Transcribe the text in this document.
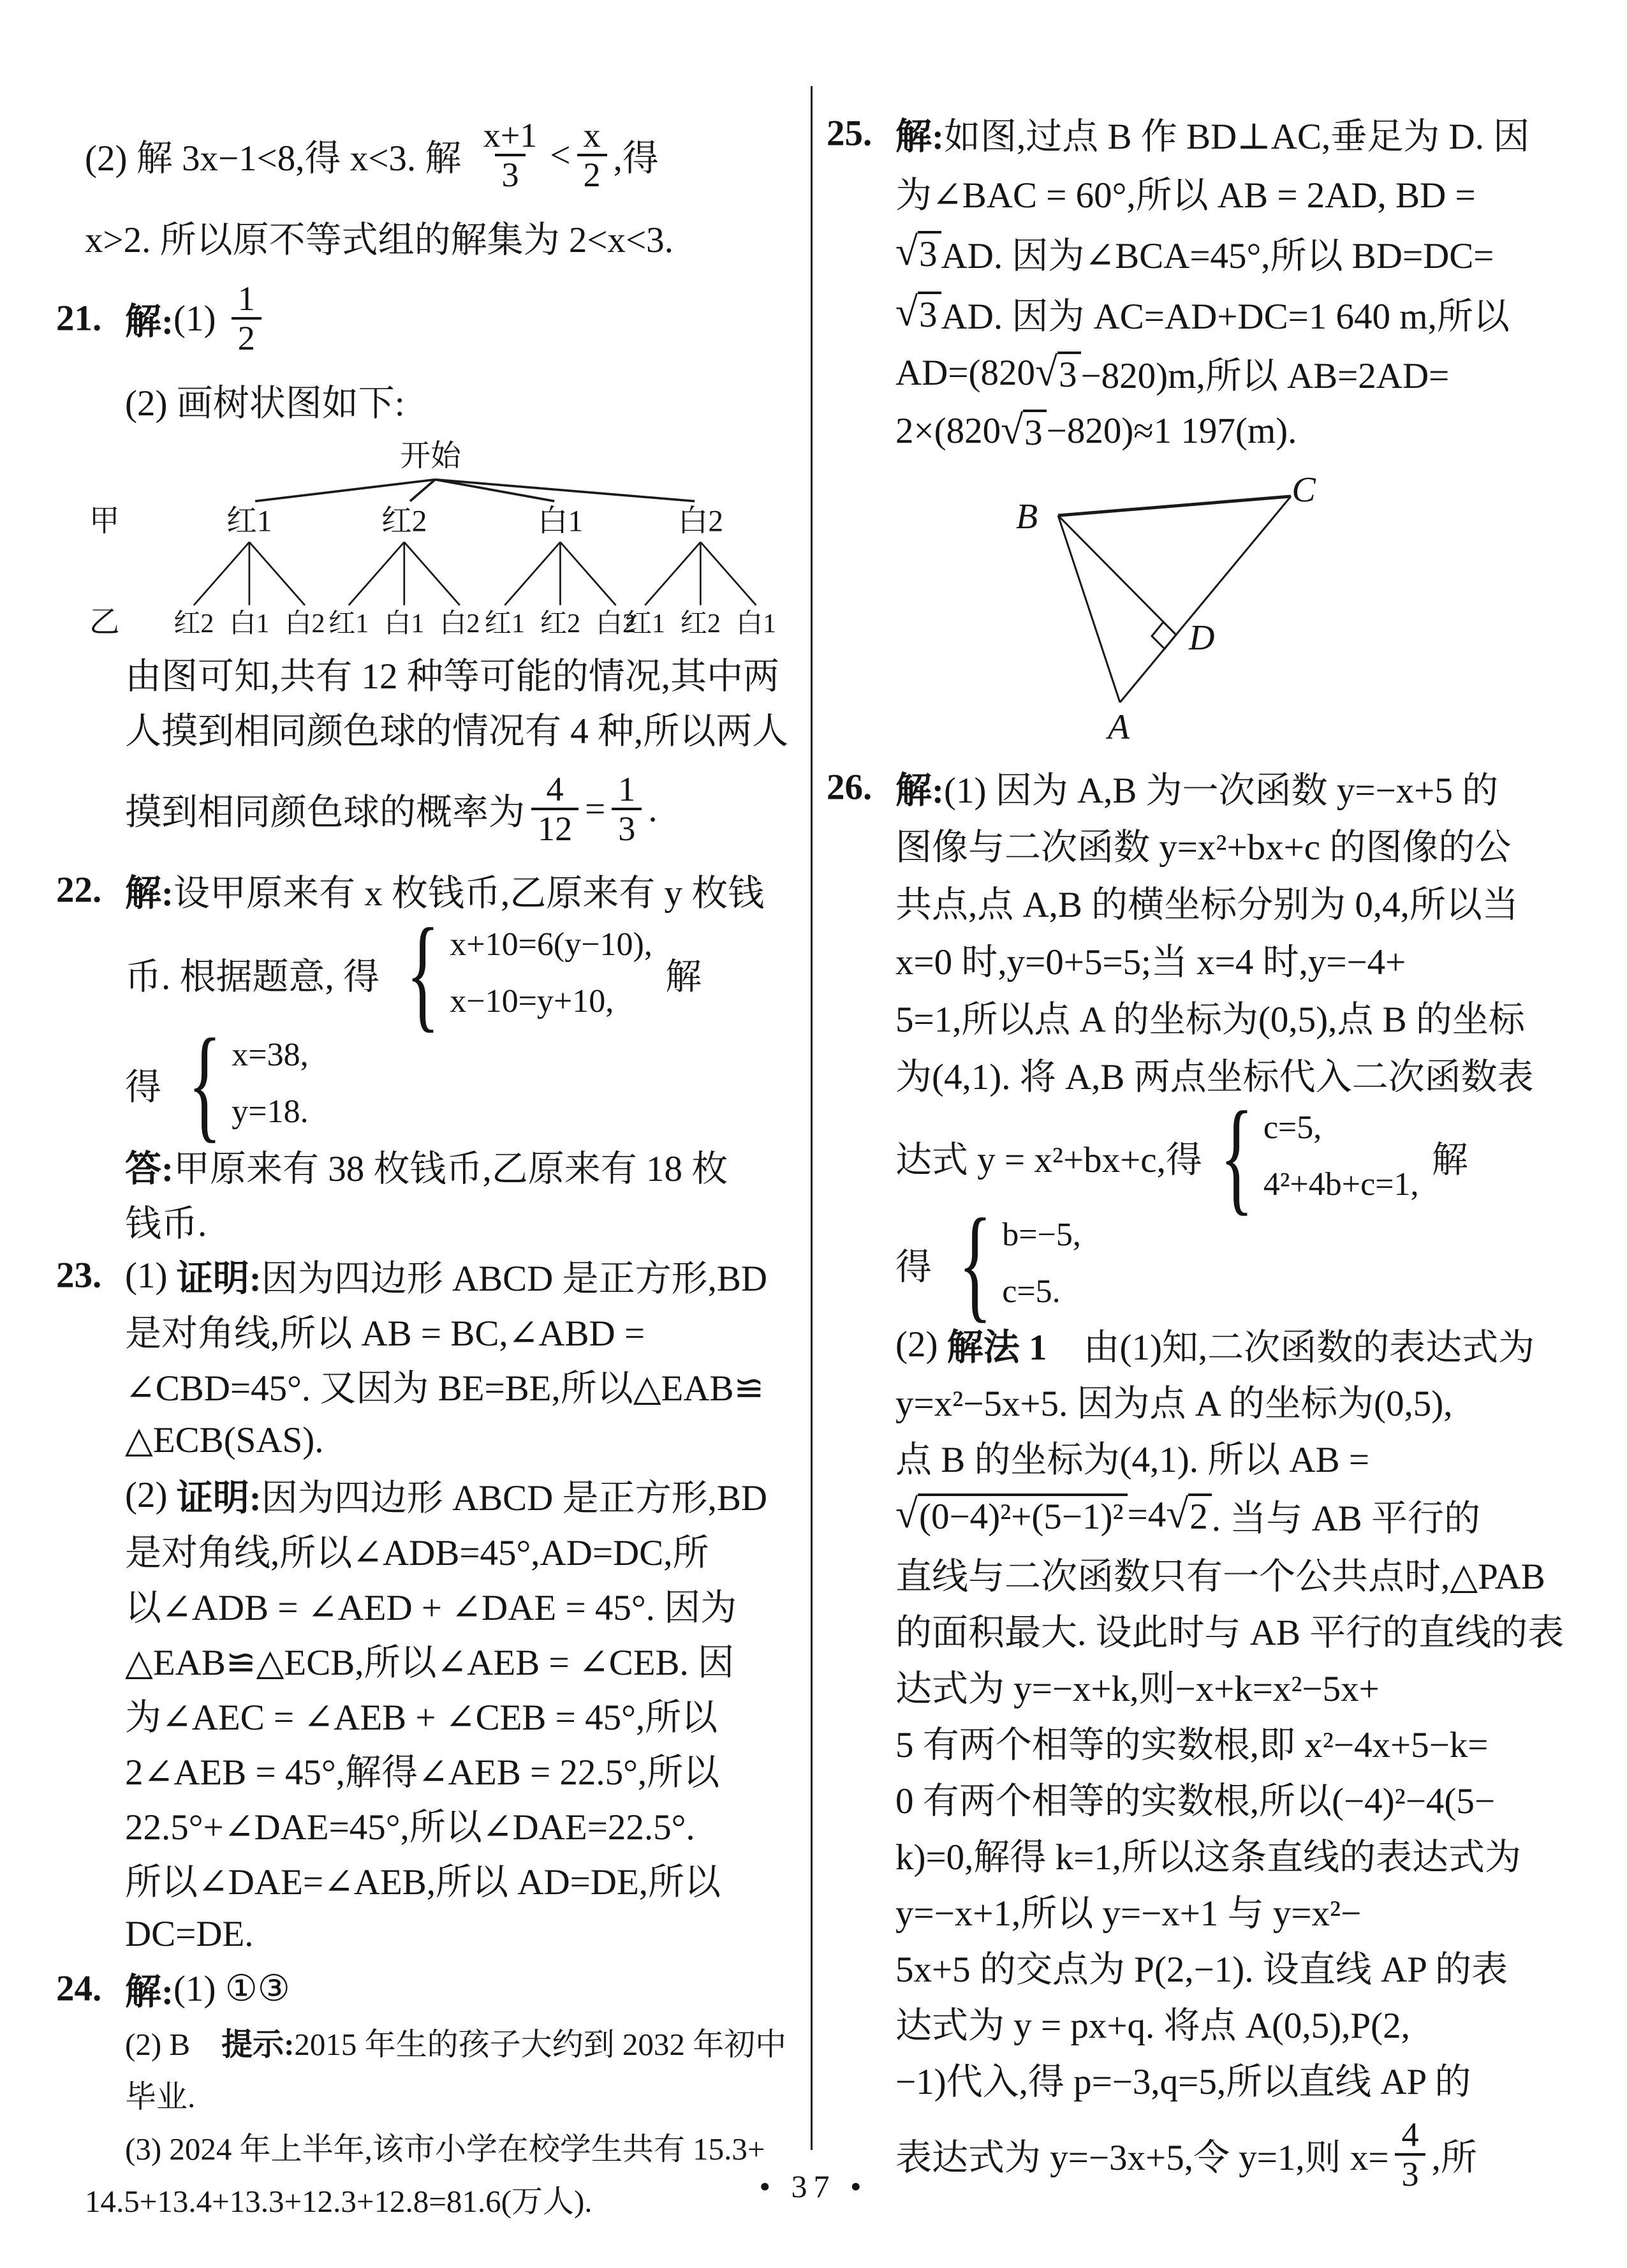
(2) 解 3x−1<8,得 x<3. 解 $\frac{x+1}{3} < \frac{x}{2}$ ,得
x>2. 所以原不等式组的解集为 2<x<3.
21. 解: $(1) \frac{1}{2}$
(2) 画树状图如下:
开始
红1
红2 白1 白2
红2
红1 白1 白2
白1
红1 红2 白2
白2
红1 红2 白1
甲
乙
由图可知,共有 12 种等可能的情况,其中两
人摸到相同颜色球的情况有 4 种,所以两人
摸到相同颜色球的概率为 $\frac{4}{12} = \frac{1}{3}$ .
22. 解: 设甲原来有 x 枚钱币,乙原来有 y 枚钱
币. 根据题意, 得 { x+10=6(y−10),
x−10=y+10,
解
得 { x=38,
y=18.
答: 甲原来有 38 枚钱币,乙原来有 18 枚
钱币.
23. (1) 证明: 因为四边形 ABCD 是正方形,BD
是对角线,所以 AB = BC,∠ABD =
∠CBD=45°. 又因为 BE=BE,所以△EAB≌
△ECB(SAS).
(2) 证明: 因为四边形 ABCD 是正方形,BD
是对角线,所以∠ADB=45°,AD=DC,所
以∠ADB = ∠AED + ∠DAE = 45°. 因为
△EAB≌△ECB,所以∠AEB = ∠CEB. 因
为∠AEC = ∠AEB + ∠CEB = 45°,所以
2∠AEB = 45°,解得∠AEB = 22.5°,所以
22.5°+∠DAE=45°,所以∠DAE=22.5°.
所以∠DAE=∠AEB,所以 AD=DE,所以
DC=DE.
24. 解: (1) ①③
(2) B　 提示: 2015 年生的孩子大约到 2032 年初中
毕业.
(3) 2024 年上半年,该市小学在校学生共有 15.3+
14.5+13.4+13.3+12.3+12.8=81.6(万人).
25. 解: 如图,过点 B 作 BD⊥AC,垂足为 D. 因
为∠BAC = 60°,所以 AB = 2AD, BD =
√ 3 AD. 因为∠BCA=45°,所以 BD=DC=
√ 3 AD. 因为 AC=AD+DC=1 640 m,所以
AD=(820 √ 3 −820)m,所以 AB=2AD=
2×(820 √ 3 −820)≈1 197(m).
B
C
A
D
26. 解: (1) 因为 A,B 为一次函数 y=−x+5 的
图像与二次函数 y=x²+bx+c 的图像的公
共点,点 A,B 的横坐标分别为 0,4,所以当
x=0 时,y=0+5=5;当 x=4 时,y=−4+
5=1,所以点 A 的坐标为(0,5),点 B 的坐标
为(4,1). 将 A,B 两点坐标代入二次函数表
达式 y = x²+bx+c,得 { c=5,
4²+4b+c=1,
解
得 { b=−5,
c=5.
(2) 解法 1 　由(1)知,二次函数的表达式为
y=x²−5x+5. 因为点 A 的坐标为(0,5),
点 B 的坐标为(4,1). 所以 AB =
√ (0−4)²+(5−1)² =4 √ 2 . 当与 AB 平行的
直线与二次函数只有一个公共点时,△PAB
的面积最大. 设此时与 AB 平行的直线的表
达式为 y=−x+k,则−x+k=x²−5x+
5 有两个相等的实数根,即 x²−4x+5−k=
0 有两个相等的实数根,所以(−4)²−4(5−
k)=0,解得 k=1,所以这条直线的表达式为
y=−x+1,所以 y=−x+1 与 y=x²−
5x+5 的交点为 P(2,−1). 设直线 AP 的表
达式为 y = px+q. 将点 A(0,5),P(2,
−1)代入,得 p=−3,q=5,所以直线 AP 的
表达式为 y=−3x+5,令 y=1,则 $x= \frac{4}{3}$ ,所
• 37 •
